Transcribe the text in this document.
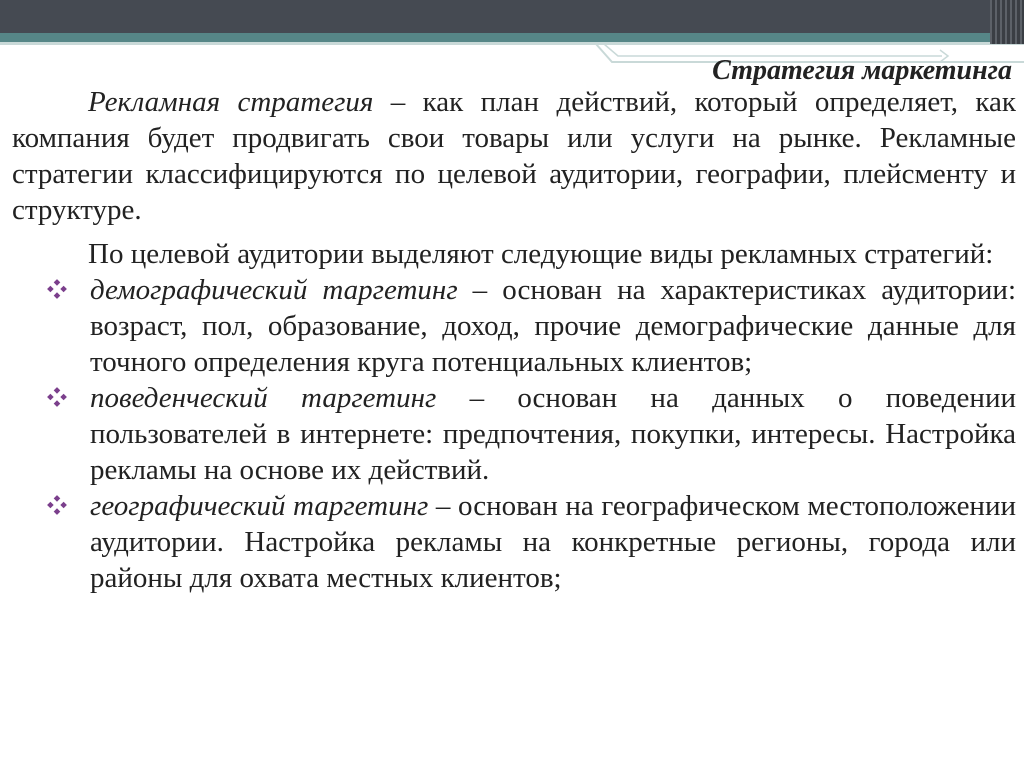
Стратегия маркетинга

Рекламная стратегия – как план действий, который определяет, как компания будет продвигать свои товары или услуги на рынке. Рекламные стратегии классифицируются по целевой аудитории, географии, плейсменту и структуре.

По целевой аудитории выделяют следующие виды рекламных стратегий:

демографический таргетинг – основан на характеристиках аудитории: возраст, пол, образование, доход, прочие демографические данные для точного определения круга потенциальных клиентов;
поведенческий таргетинг – основан на данных о поведении пользователей в интернете: предпочтения, покупки, интересы. Настройка рекламы на основе их действий.
географический таргетинг – основан на географическом местоположении аудитории. Настройка рекламы на конкретные регионы, города или районы для охвата местных клиентов;
